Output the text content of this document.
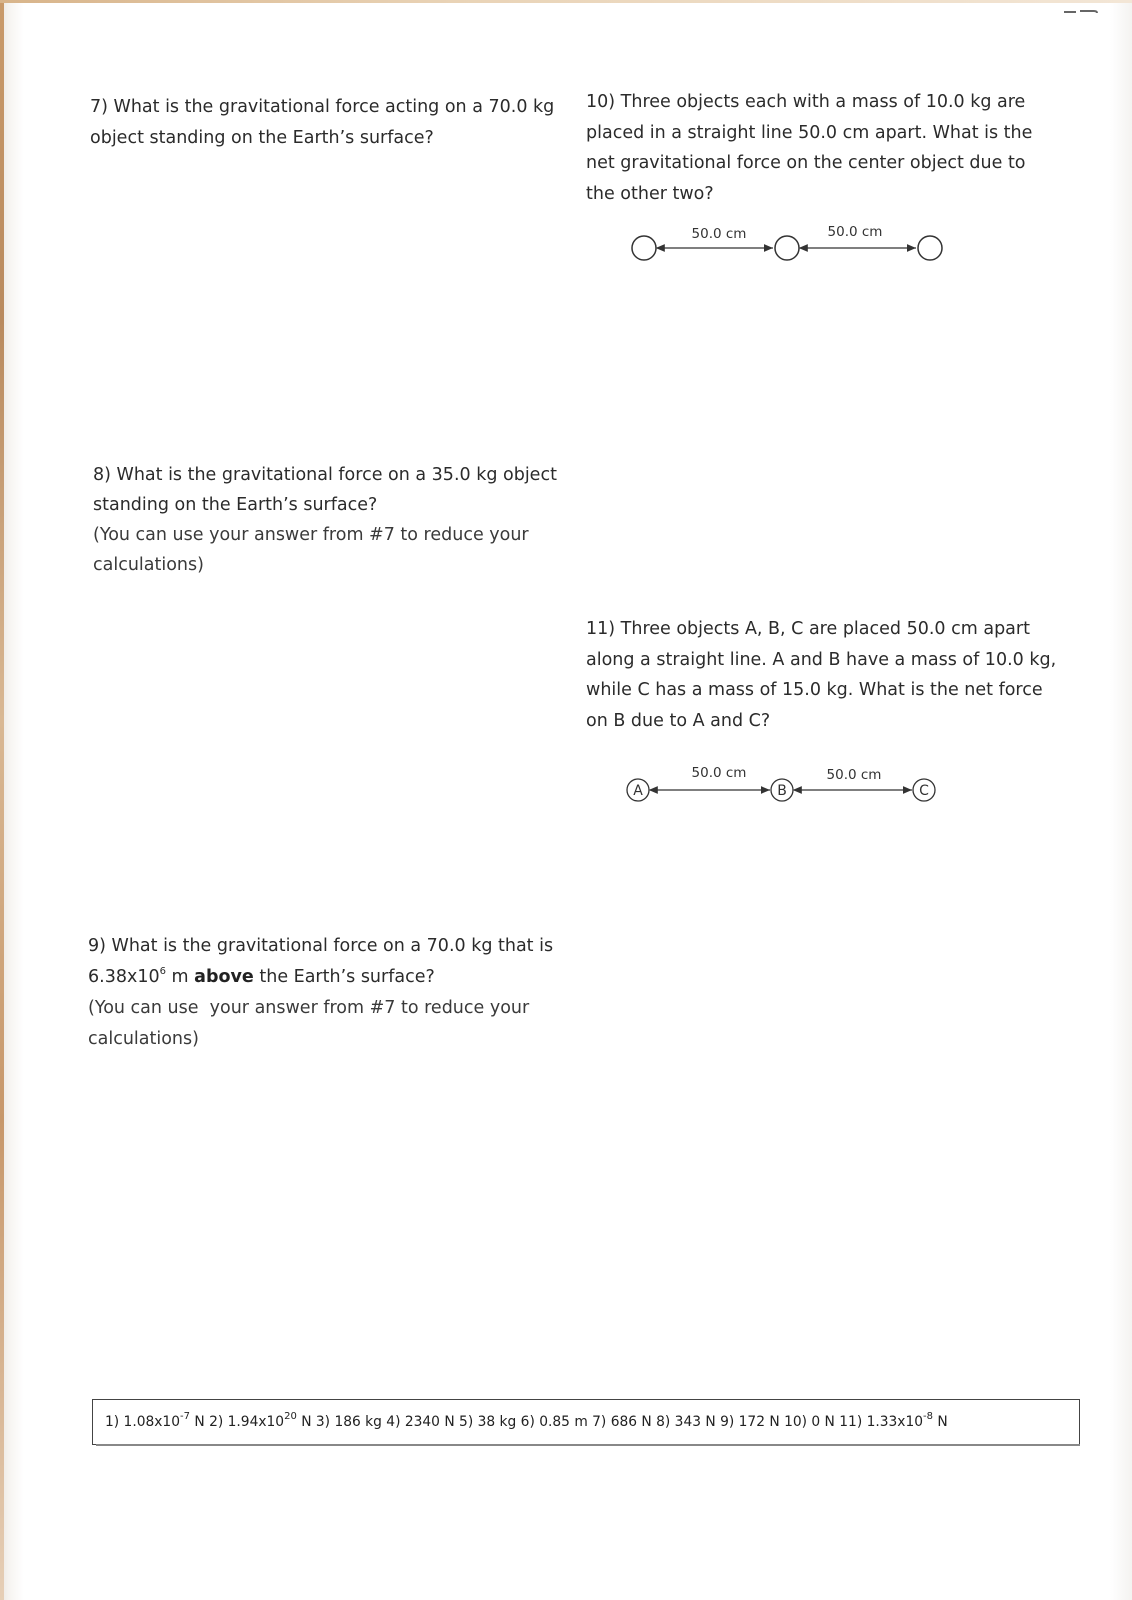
7) What is the gravitational force acting on a 70.0 kg
object standing on the Earth’s surface?
8) What is the gravitational force on a 35.0 kg object
standing on the Earth’s surface?
(You can use your answer from #7 to reduce your
calculations)
9) What is the gravitational force on a 70.0 kg that is
$6.38x10^6$ m above the Earth’s surface?
(You can use  your answer from #7 to reduce your
calculations)
10) Three objects each with a mass of 10.0 kg are
placed in a straight line 50.0 cm apart. What is the
net gravitational force on the center object due to
the other two?
50.0 cm	50.0 cm
11) Three objects A, B, C are placed 50.0 cm apart
along a straight line. A and B have a mass of 10.0 kg,
while C has a mass of 15.0 kg. What is the net force
on B due to A and C?
A	B	C
50.0 cm	50.0 cm
1) $1.08x10^{-7}$ N 2) $1.94x10^{20}$ N 3) 186 kg 4) 2340 N 5) 38 kg 6) 0.85 m 7) 686 N 8) 343 N 9) 172 N 10) 0 N 11) $1.33x10^{-8}$ N
